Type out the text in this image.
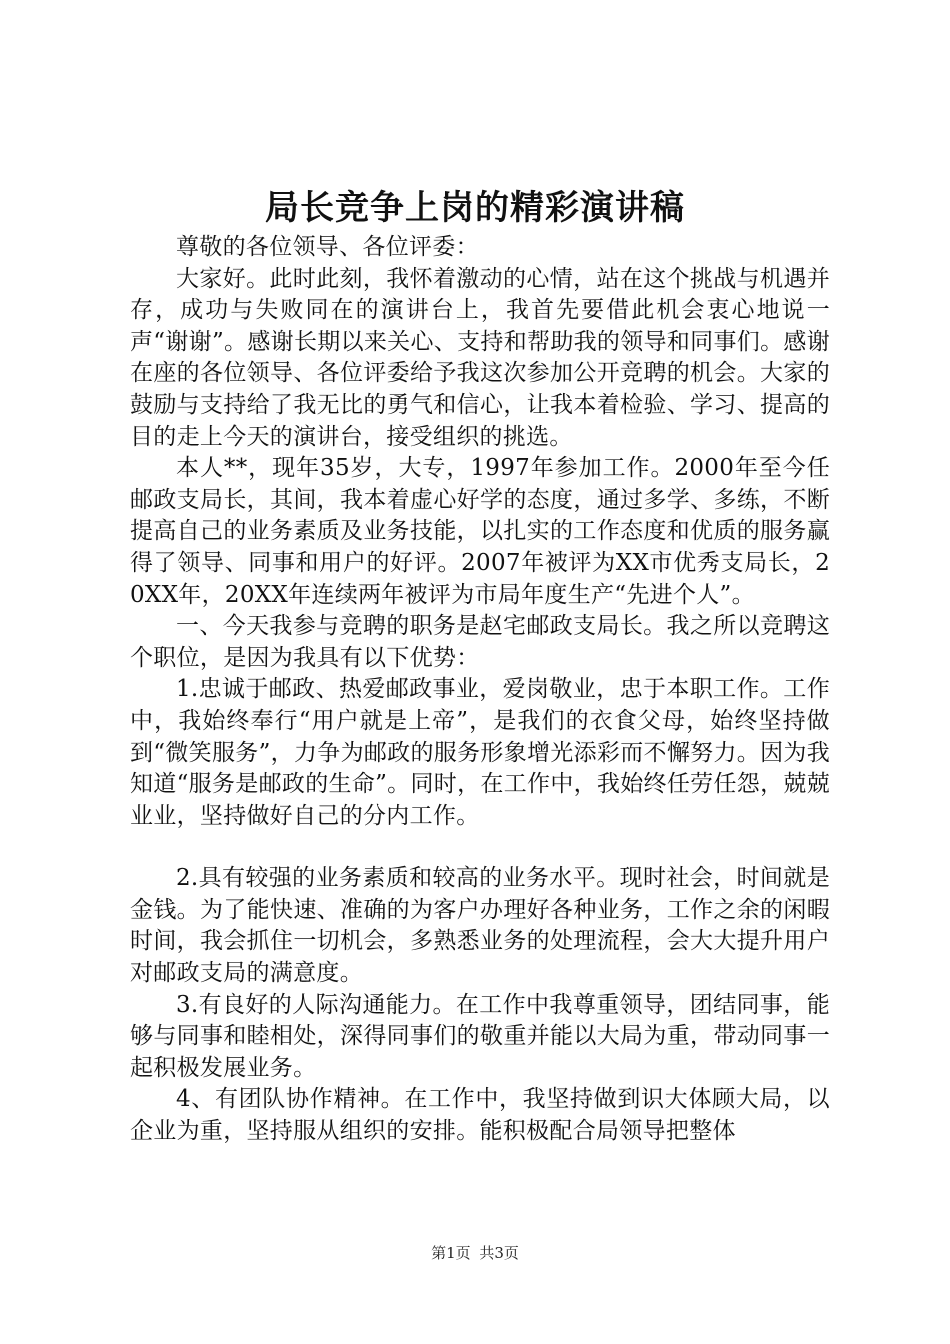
局长竞争上岗的精彩演讲稿

尊敬的各位领导、各位评委：

大家好。此时此刻，我怀着激动的心情，站在这个挑战与机遇并存，成功与失败同在的演讲台上，我首先要借此机会衷心地说一声“谢谢”。感谢长期以来关心、支持和帮助我的领导和同事们。感谢在座的各位领导、各位评委给予我这次参加公开竞聘的机会。大家的鼓励与支持给了我无比的勇气和信心，让我本着检验、学习、提高的目的走上今天的演讲台，接受组织的挑选。

本人**，现年35岁，大专，1997年参加工作。2000年至今任邮政支局长，其间，我本着虚心好学的态度，通过多学、多练，不断提高自己的业务素质及业务技能，以扎实的工作态度和优质的服务赢得了领导、同事和用户的好评。2007年被评为XX市优秀支局长，20XX年，20XX年连续两年被评为市局年度生产“先进个人”。

一、今天我参与竞聘的职务是赵宅邮政支局长。我之所以竞聘这个职位，是因为我具有以下优势：

1.忠诚于邮政、热爱邮政事业，爱岗敬业，忠于本职工作。工作中，我始终奉行“用户就是上帝”，是我们的衣食父母，始终坚持做到“微笑服务”，力争为邮政的服务形象增光添彩而不懈努力。因为我知道“服务是邮政的生命”。同时，在工作中，我始终任劳任怨，兢兢业业，坚持做好自己的分内工作。

2.具有较强的业务素质和较高的业务水平。现时社会，时间就是金钱。为了能快速、准确的为客户办理好各种业务，工作之余的闲暇时间，我会抓住一切机会，多熟悉业务的处理流程，会大大提升用户对邮政支局的满意度。

3.有良好的人际沟通能力。在工作中我尊重领导，团结同事，能够与同事和睦相处，深得同事们的敬重并能以大局为重，带动同事一起积极发展业务。

4、有团队协作精神。在工作中，我坚持做到识大体顾大局，以企业为重，坚持服从组织的安排。能积极配合局领导把整体

第1页 共3页
